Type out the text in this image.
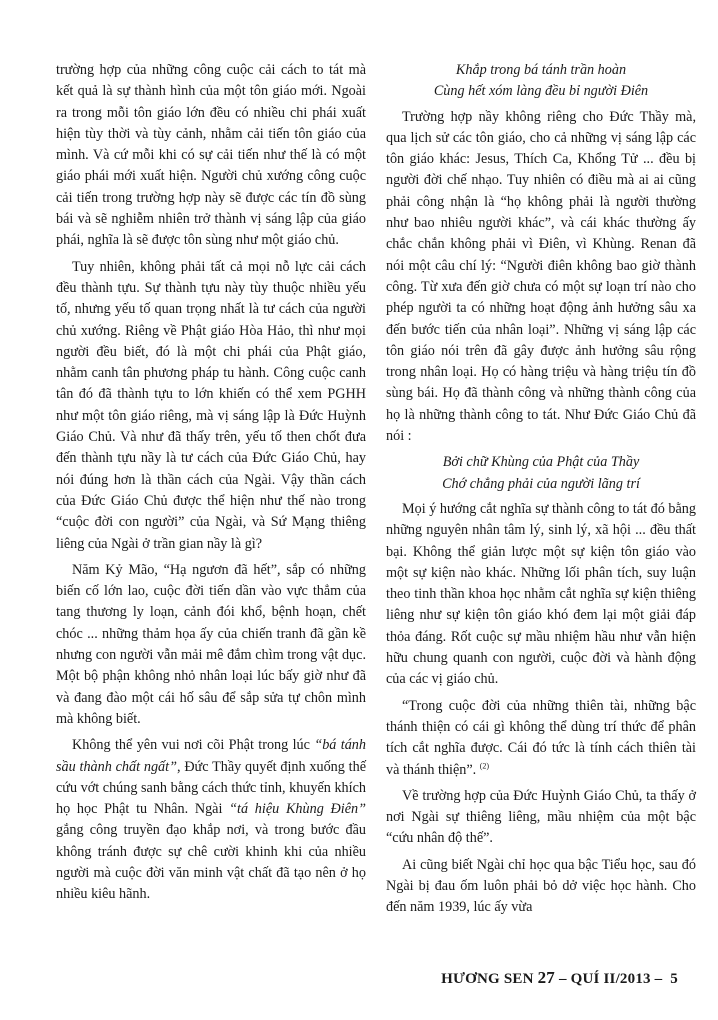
trường hợp của những công cuộc cải cách to tát mà kết quả là sự thành hình của một tôn giáo mới. Ngoài ra trong mỗi tôn giáo lớn đều có nhiều chi phái xuất hiện tùy thời và tùy cảnh, nhằm cải tiến tôn giáo của mình. Và cứ mỗi khi có sự cải tiến như thế là có một giáo phái mới xuất hiện. Người chủ xướng công cuộc cải tiến trong trường hợp này sẽ được các tín đồ sùng bái và sẽ nghiễm nhiên trở thành vị sáng lập của giáo phái, nghĩa là sẽ được tôn sùng như một giáo chủ.

Tuy nhiên, không phải tất cả mọi nỗ lực cải cách đều thành tựu. Sự thành tựu này tùy thuộc nhiều yếu tố, nhưng yếu tố quan trọng nhất là tư cách của người chủ xướng. Riêng về Phật giáo Hòa Hảo, thì như mọi người đều biết, đó là một chi phái của Phật giáo, nhằm canh tân phương pháp tu hành. Công cuộc canh tân đó đã thành tựu to lớn khiến có thể xem PGHH như một tôn giáo riêng, mà vị sáng lập là Đức Huỳnh Giáo Chủ. Và như đã thấy trên, yếu tố then chốt đưa đến thành tựu nầy là tư cách của Đức Giáo Chủ, hay nói đúng hơn là thần cách của Ngài. Vậy thần cách của Đức Giáo Chủ được thể hiện như thế nào trong “cuộc đời con người” của Ngài, và Sứ Mạng thiêng liêng của Ngài ở trần gian nầy là gì?

Năm Kỷ Mão, “Hạ ngươn đã hết”, sắp có những biến cố lớn lao, cuộc đời tiến dần vào vực thẳm của tang thương ly loạn, cảnh đói khổ, bệnh hoạn, chết chóc ... những thảm họa ấy của chiến tranh đã gần kề nhưng con người vẫn mải mê đắm chìm trong vật dục. Một bộ phận không nhỏ nhân loại lúc bấy giờ như đã và đang đào một cái hố sâu để sắp sửa tự chôn mình mà không biết.

Không thể yên vui nơi cõi Phật trong lúc “bá tánh sầu thành chất ngất”, Đức Thầy quyết định xuống thế cứu vớt chúng sanh bằng cách thức tỉnh, khuyến khích họ học Phật tu Nhân. Ngài “tá hiệu Khùng Điên” gắng công truyền đạo khắp nơi, và trong bước đầu không tránh được sự chê cười khinh khi của nhiều người mà cuộc đời văn minh vật chất đã tạo nên ở họ nhiều kiêu hãnh.

Khắp trong bá tánh trần hoàn
Cùng hết xóm làng đều bỉ người Điên

Trường hợp nầy không riêng cho Đức Thầy mà, qua lịch sử các tôn giáo, cho cả những vị sáng lập các tôn giáo khác: Jesus, Thích Ca, Khổng Tử ... đều bị người đời chế nhạo. Tuy nhiên có điều mà ai ai cũng phải công nhận là “họ không phải là người thường như bao nhiêu người khác”, và cái khác thường ấy chắc chắn không phải vì Điên, vì Khùng. Renan đã nói một câu chí lý: “Người điên không bao giờ thành công. Từ xưa đến giờ chưa có một sự loạn trí nào cho phép người ta có những hoạt động ảnh hưởng sâu xa đến bước tiến của nhân loại”. Những vị sáng lập các tôn giáo nói trên đã gây được ảnh hưởng sâu rộng trong nhân loại. Họ có hàng triệu và hàng triệu tín đồ sùng bái. Họ đã thành công và những thành công của họ là những thành công to tát. Như Đức Giáo Chủ đã nói :

Bởi chữ Khùng của Phật của Thầy
Chớ chẳng phải của người lãng trí

Mọi ý hướng cắt nghĩa sự thành công to tát đó bằng những nguyên nhân tâm lý, sinh lý, xã hội ... đều thất bại. Không thể giản lược một sự kiện tôn giáo vào một sự kiện nào khác. Những lối phân tích, suy luận theo tinh thần khoa học nhằm cắt nghĩa sự kiện thiêng liêng như sự kiện tôn giáo khó đem lại một giải đáp thỏa đáng. Rốt cuộc sự mầu nhiệm hầu như vẫn hiện hữu chung quanh con người, cuộc đời và hành động của các vị giáo chủ.

“Trong cuộc đời của những thiên tài, những bậc thánh thiện có cái gì không thể dùng trí thức để phân tích cắt nghĩa được. Cái đó tức là tính cách thiên tài và thánh thiện”. $^{(2)}$

Về trường hợp của Đức Huỳnh Giáo Chủ, ta thấy ở nơi Ngài sự thiêng liêng, mầu nhiệm của một bậc “cứu nhân độ thế”.

Ai cũng biết Ngài chỉ học qua bậc Tiểu học, sau đó Ngài bị đau ốm luôn phải bỏ dở việc học hành. Cho đến năm 1939, lúc ấy vừa

HƯƠNG SEN 27 – QUÍ II/2013 – 5
